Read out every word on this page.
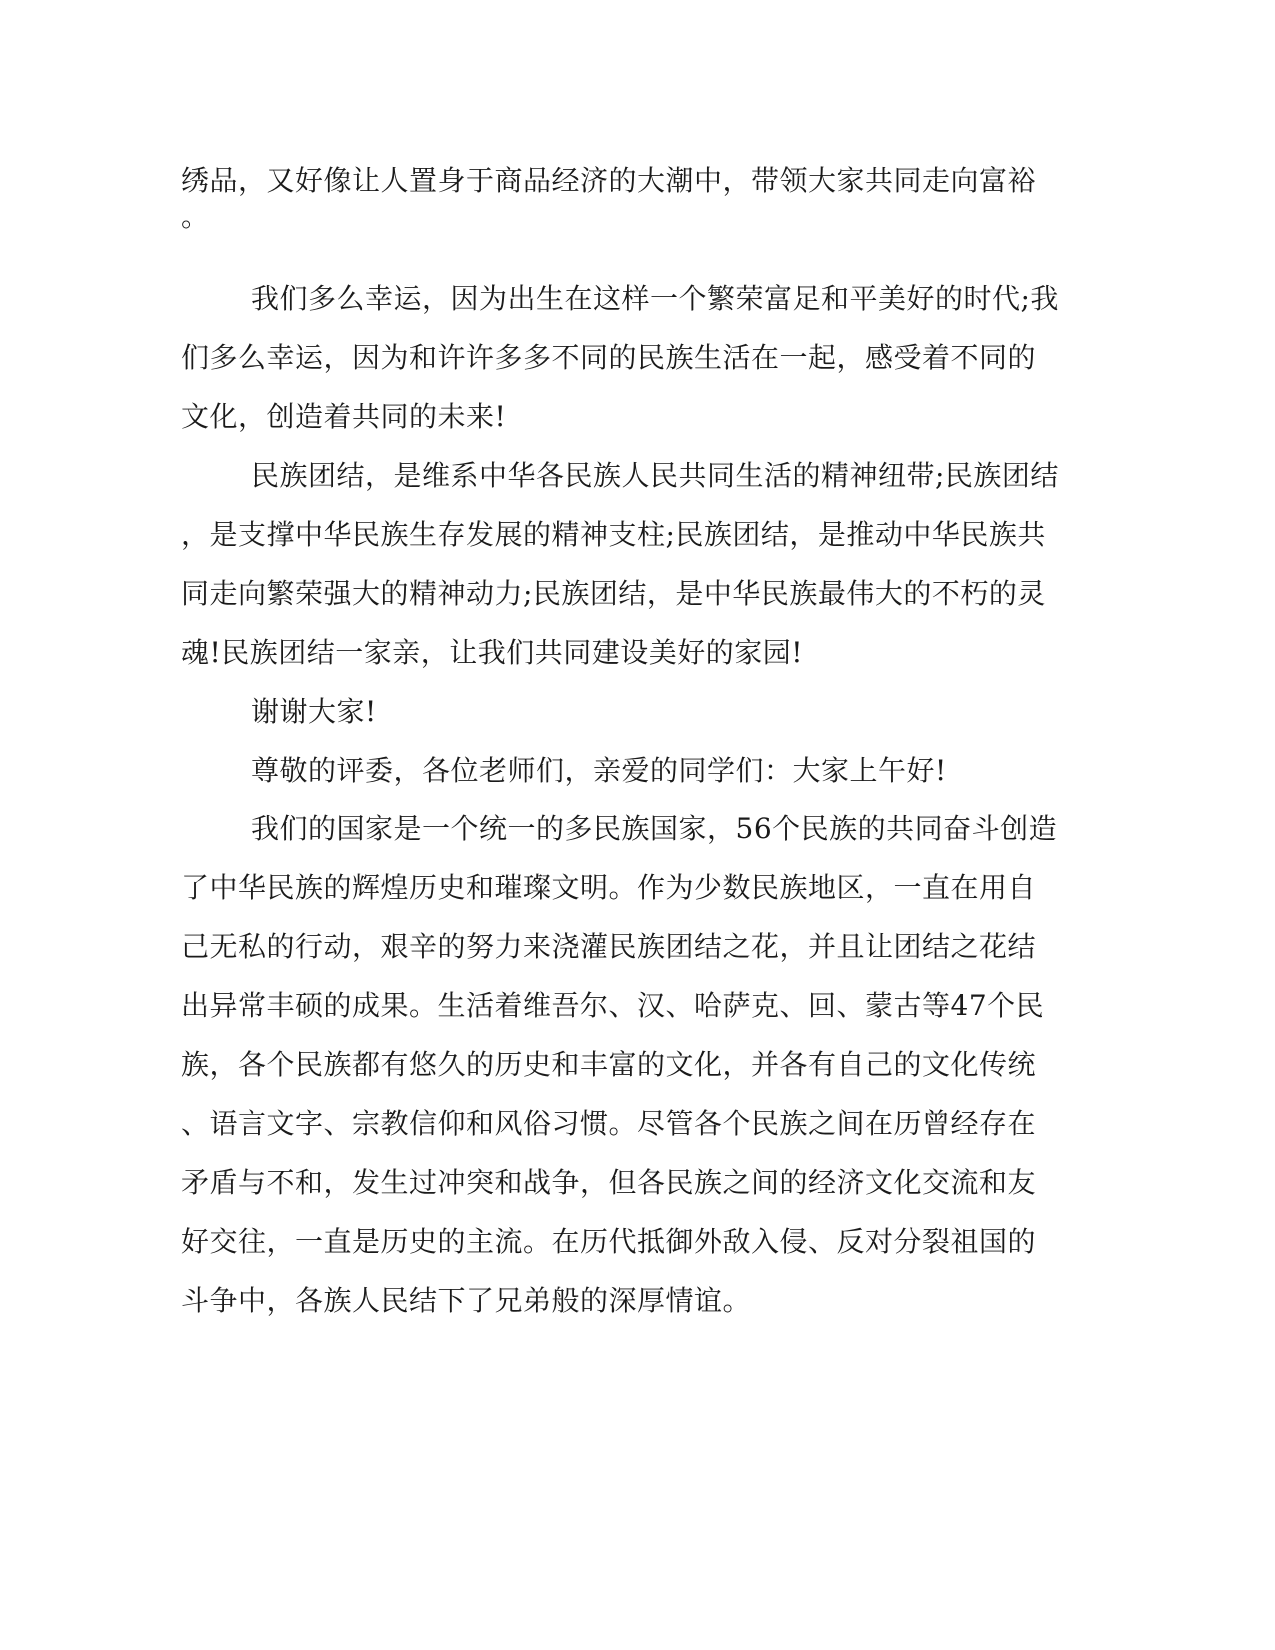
绣品，又好像让人置身于商品经济的大潮中，带领大家共同走向富裕

。

我们多么幸运，因为出生在这样一个繁荣富足和平美好的时代;我

们多么幸运，因为和许许多多不同的民族生活在一起，感受着不同的

文化，创造着共同的未来!

民族团结，是维系中华各民族人民共同生活的精神纽带;民族团结

，是支撑中华民族生存发展的精神支柱;民族团结，是推动中华民族共

同走向繁荣强大的精神动力;民族团结，是中华民族最伟大的不朽的灵

魂!民族团结一家亲，让我们共同建设美好的家园!

谢谢大家!

尊敬的评委，各位老师们，亲爱的同学们：大家上午好!

我们的国家是一个统一的多民族国家，56个民族的共同奋斗创造

了中华民族的辉煌历史和璀璨文明。作为少数民族地区，一直在用自

己无私的行动，艰辛的努力来浇灌民族团结之花，并且让团结之花结

出异常丰硕的成果。生活着维吾尔、汉、哈萨克、回、蒙古等47个民

族，各个民族都有悠久的历史和丰富的文化，并各有自己的文化传统

、语言文字、宗教信仰和风俗习惯。尽管各个民族之间在历曾经存在

矛盾与不和，发生过冲突和战争，但各民族之间的经济文化交流和友

好交往，一直是历史的主流。在历代抵御外敌入侵、反对分裂祖国的

斗争中，各族人民结下了兄弟般的深厚情谊。
